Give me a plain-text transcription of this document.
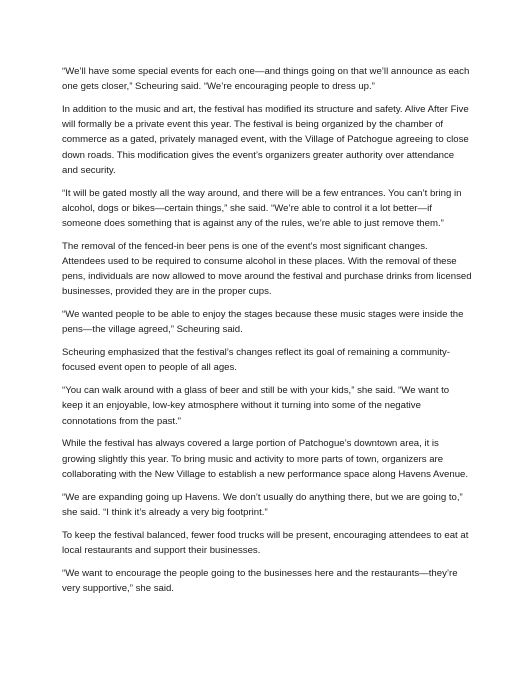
“We’ll have some special events for each one—and things going on that we’ll announce as each one gets closer,” Scheuring said. “We’re encouraging people to dress up.”

In addition to the music and art, the festival has modified its structure and safety. Alive After Five will formally be a private event this year. The festival is being organized by the chamber of commerce as a gated, privately managed event, with the Village of Patchogue agreeing to close down roads. This modification gives the event’s organizers greater authority over attendance and security.

“It will be gated mostly all the way around, and there will be a few entrances. You can’t bring in alcohol, dogs or bikes—certain things,” she said. “We’re able to control it a lot better—if someone does something that is against any of the rules, we’re able to just remove them.”

The removal of the fenced-in beer pens is one of the event’s most significant changes. Attendees used to be required to consume alcohol in these places. With the removal of these pens, individuals are now allowed to move around the festival and purchase drinks from licensed businesses, provided they are in the proper cups.

“We wanted people to be able to enjoy the stages because these music stages were inside the pens—the village agreed,” Scheuring said.

Scheuring emphasized that the festival’s changes reflect its goal of remaining a community-focused event open to people of all ages.

“You can walk around with a glass of beer and still be with your kids,” she said. “We want to keep it an enjoyable, low-key atmosphere without it turning into some of the negative connotations from the past.”

While the festival has always covered a large portion of Patchogue’s downtown area, it is growing slightly this year. To bring music and activity to more parts of town, organizers are collaborating with the New Village to establish a new performance space along Havens Avenue.

“We are expanding going up Havens. We don’t usually do anything there, but we are going to,” she said. “I think it’s already a very big footprint.”

To keep the festival balanced, fewer food trucks will be present, encouraging attendees to eat at local restaurants and support their businesses.

“We want to encourage the people going to the businesses here and the restaurants—they’re very supportive,” she said.
